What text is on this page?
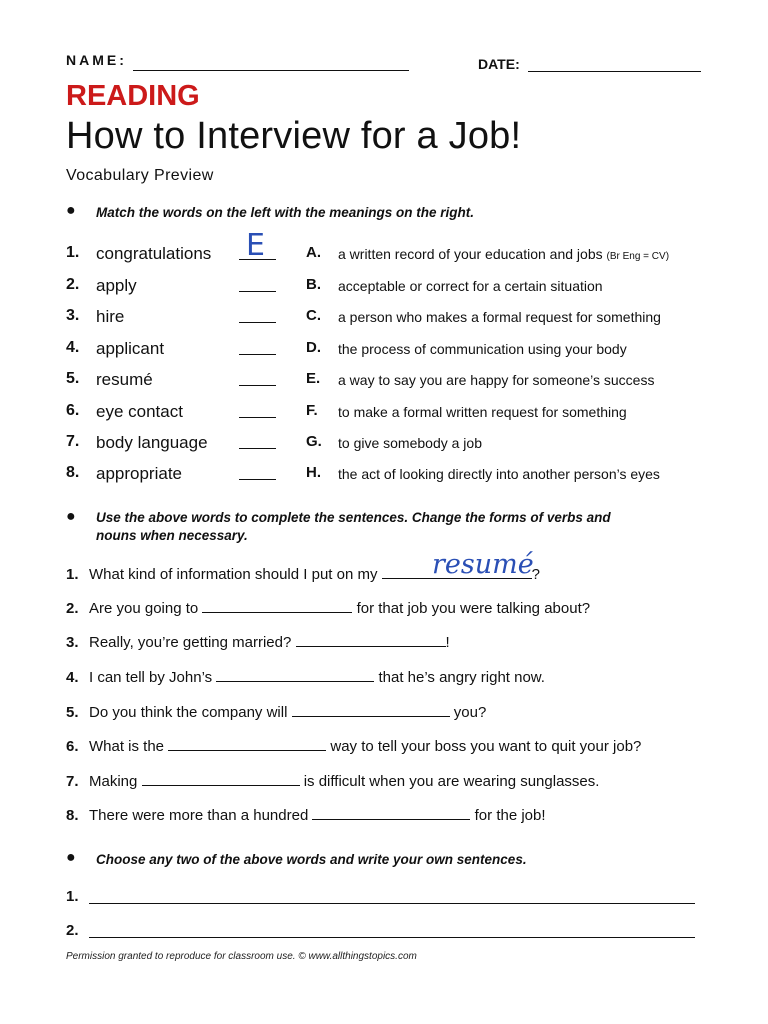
NAME:	DATE:
READING
How to Interview for a Job!
Vocabulary Preview
● Match the words on the left with the meanings on the right.
1. congratulations	A. a written record of your education and jobs (Br Eng = CV)
2. apply	B. acceptable or correct for a certain situation
3. hire	C. a person who makes a formal request for something
4. applicant	D. the process of communication using your body
5. resumé	E. a way to say you are happy for someone’s success
6. eye contact	F. to make a formal written request for something
7. body language	G. to give somebody a job
8. appropriate	H. the act of looking directly into another person’s eyes
E
● Use the above words to complete the sentences. Change the forms of verbs and
nouns when necessary.
1. What kind of information should I put on my	?
2. Are you going to	for that job you were talking about?
3. Really, you’re getting married?	!
4. I can tell by John’s	that he’s angry right now.
5. Do you think the company will	you?
6. What is the	way to tell your boss you want to quit your job?
7. Making	is difficult when you are wearing sunglasses.
8. There were more than a hundred	for the job!
resumé
● Choose any two of the above words and write your own sentences.
1.
2.
Permission granted to reproduce for classroom use. © www.allthingstopics.com
